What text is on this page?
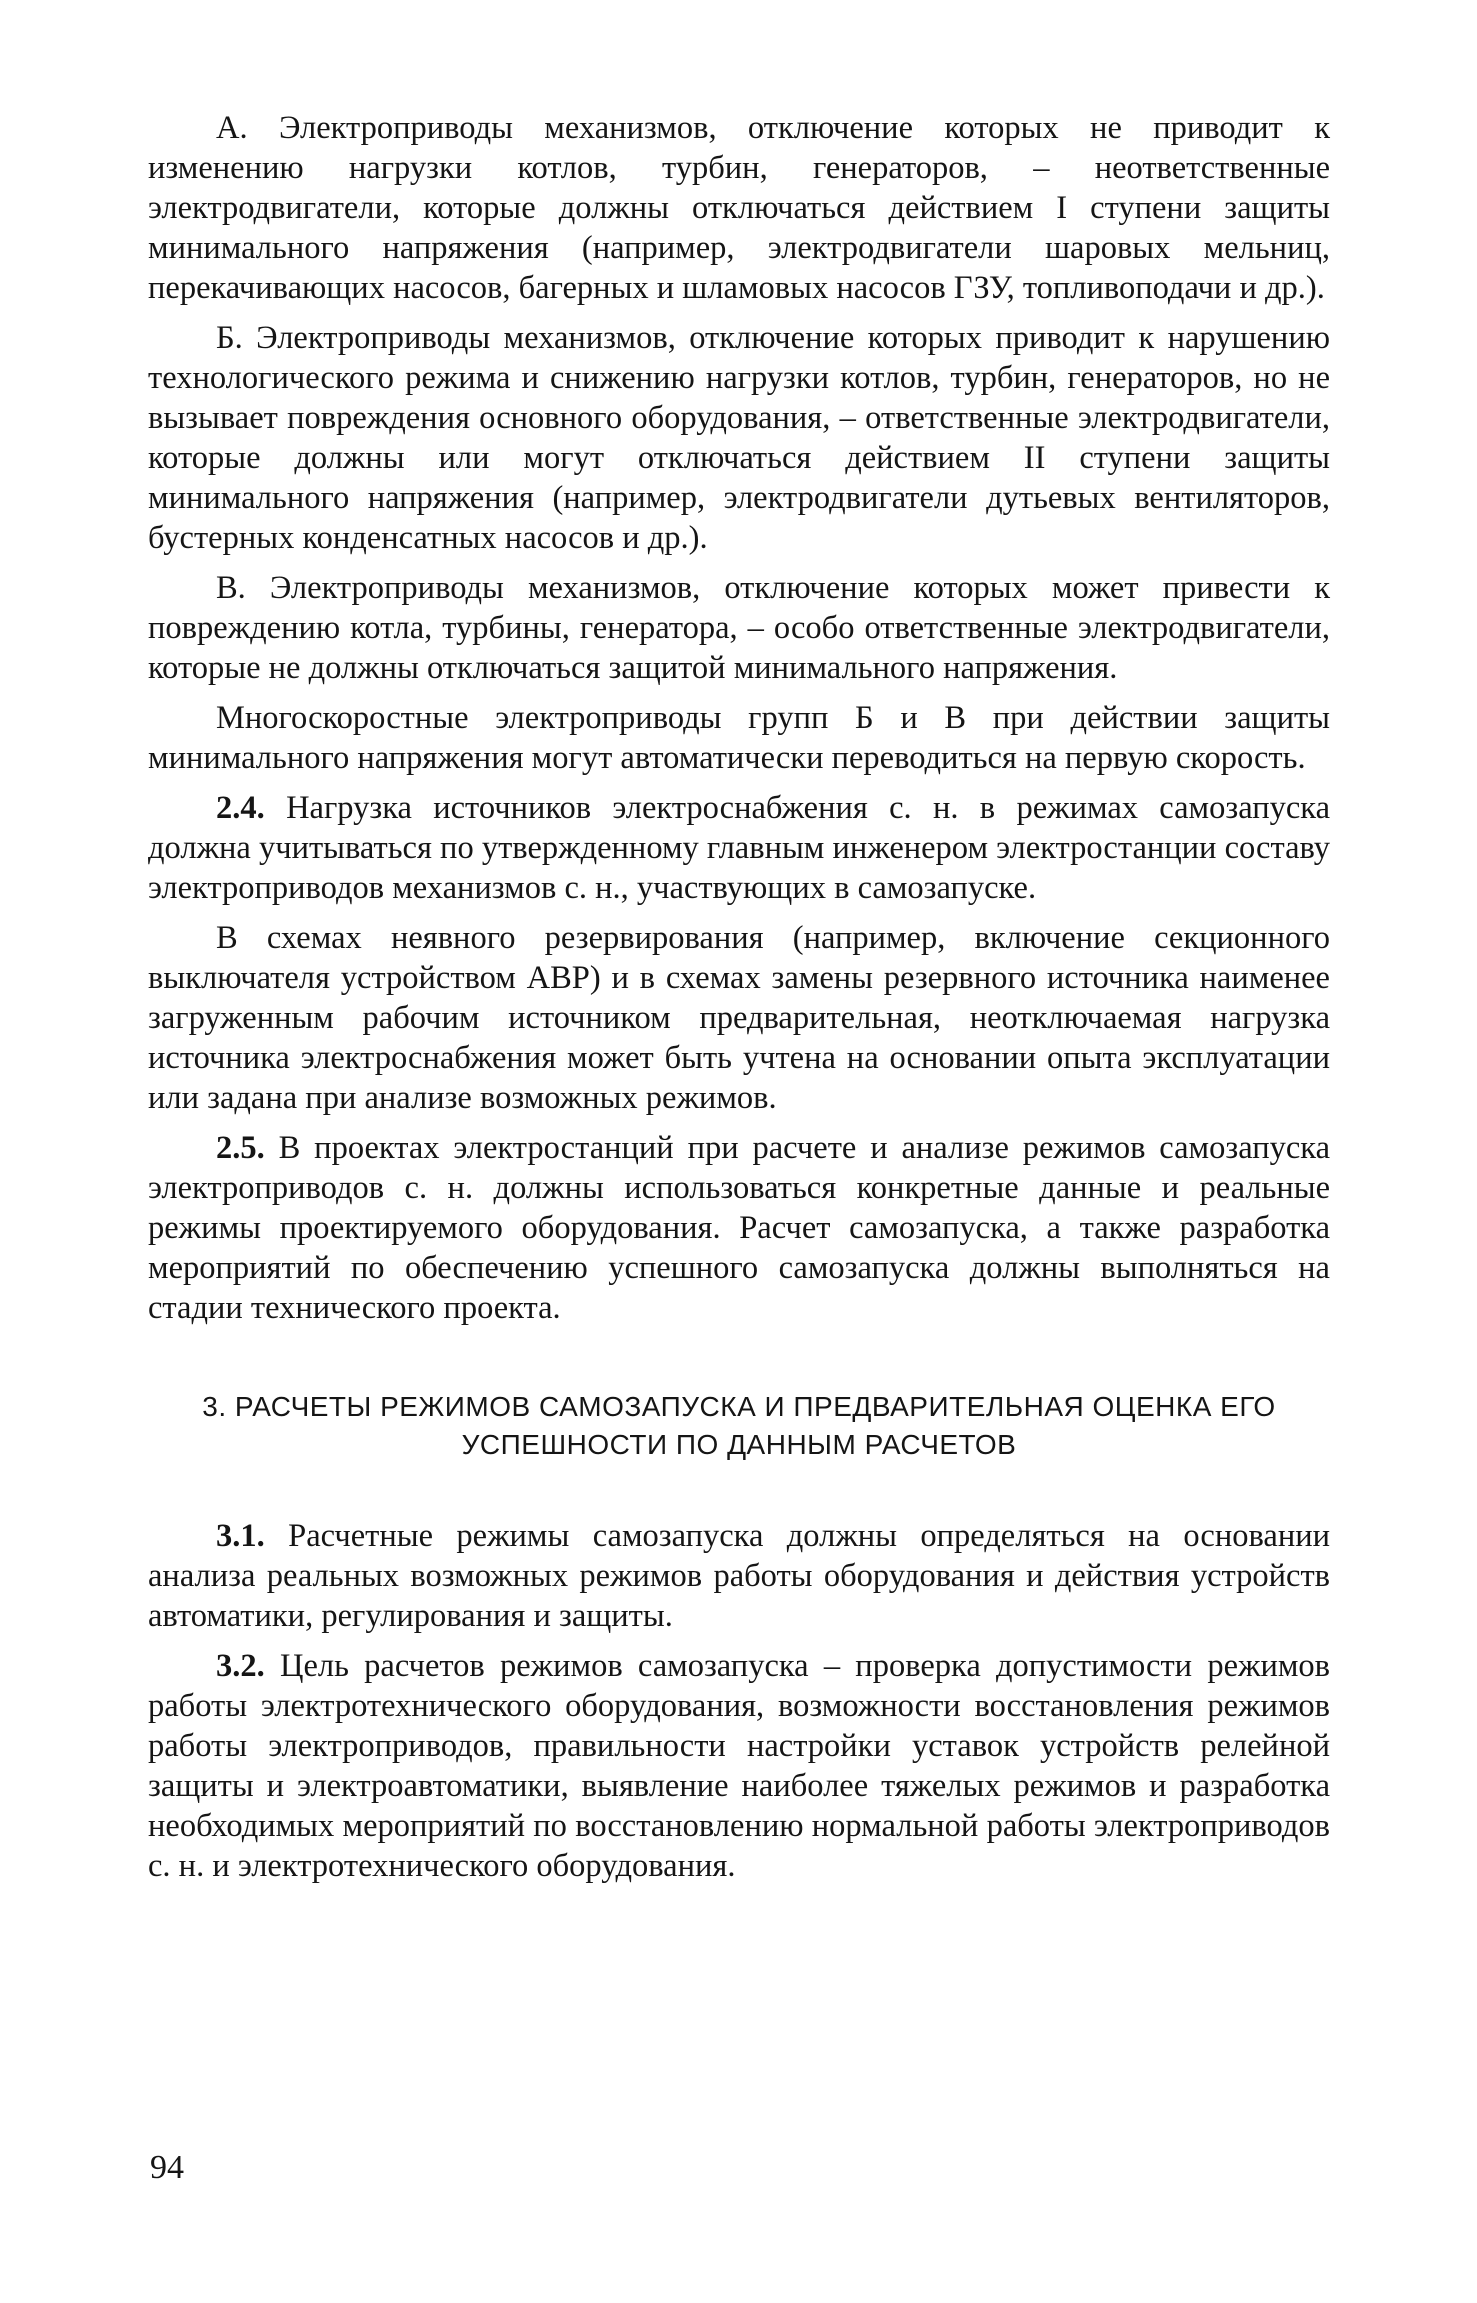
А. Электроприводы механизмов, отключение которых не приводит к изменению нагрузки котлов, турбин, генераторов, – неответственные электродвигатели, которые должны отключаться действием I ступени защиты минимального напряжения (например, электродвигатели шаровых мельниц, перекачивающих насосов, багерных и шламовых насосов ГЗУ, топливоподачи и др.).

Б. Электроприводы механизмов, отключение которых приводит к нарушению технологического режима и снижению нагрузки котлов, турбин, генераторов, но не вызывает повреждения основного оборудования, – ответственные электродвигатели, которые должны или могут отключаться действием II ступени защиты минимального напряжения (например, электродвигатели дутьевых вентиляторов, бустерных конденсатных насосов и др.).

В. Электроприводы механизмов, отключение которых может привести к повреждению котла, турбины, генератора, – особо ответственные электродвигатели, которые не должны отключаться защитой минимального напряжения.

Многоскоростные электроприводы групп Б и В при действии защиты минимального напряжения могут автоматически переводиться на первую скорость.

2.4. Нагрузка источников электроснабжения с. н. в режимах самозапуска должна учитываться по утвержденному главным инженером электростанции составу электроприводов механизмов с. н., участвующих в самозапуске.

В схемах неявного резервирования (например, включение секционного выключателя устройством АВР) и в схемах замены резервного источника наименее загруженным рабочим источником предварительная, неотключаемая нагрузка источника электроснабжения может быть учтена на основании опыта эксплуатации или задана при анализе возможных режимов.

2.5. В проектах электростанций при расчете и анализе режимов самозапуска электроприводов с. н. должны использоваться конкретные данные и реальные режимы проектируемого оборудования. Расчет самозапуска, а также разработка мероприятий по обеспечению успешного самозапуска должны выполняться на стадии технического проекта.

3. РАСЧЕТЫ РЕЖИМОВ САМОЗАПУСКА И ПРЕДВАРИТЕЛЬНАЯ ОЦЕНКА ЕГО УСПЕШНОСТИ ПО ДАННЫМ РАСЧЕТОВ

3.1. Расчетные режимы самозапуска должны определяться на основании анализа реальных возможных режимов работы оборудования и действия устройств автоматики, регулирования и защиты.

3.2. Цель расчетов режимов самозапуска – проверка допустимости режимов работы электротехнического оборудования, возможности восстановления режимов работы электроприводов, правильности настройки уставок устройств релейной защиты и электроавтоматики, выявление наиболее тяжелых режимов и разработка необходимых мероприятий по восстановлению нормальной работы электроприводов с. н. и электротехнического оборудования.

94
